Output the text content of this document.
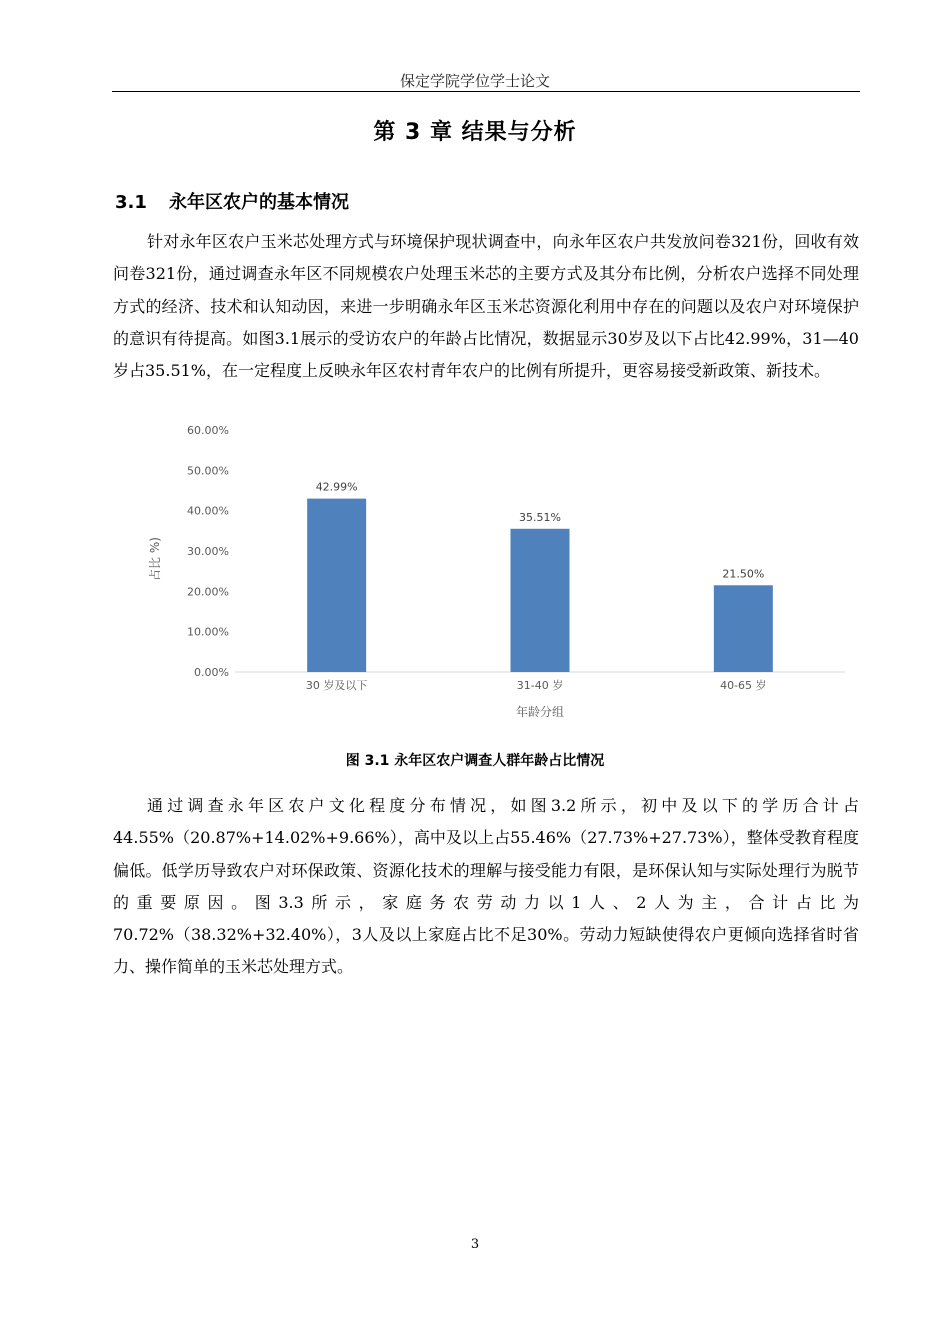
保定学院学位学士论文
第 3 章 结果与分析
3.1 永年区农户的基本情况

针对永年区农户玉米芯处理方式与环境保护现状调查中，向永年区农户共发放问卷321份，回收有效问卷321份，通过调查永年区不同规模农户处理玉米芯的主要方式及其分布比例，分析农户选择不同处理方式的经济、技术和认知动因，来进一步明确永年区玉米芯资源化利用中存在的问题以及农户对环境保护的意识有待提高。如图3.1展示的受访农户的年龄占比情况，数据显示30岁及以下占比42.99%，31—40岁占35.51%，在一定程度上反映永年区农村青年农户的比例有所提升，更容易接受新政策、新技术。

0.00%
10.00%
20.00%
30.00%
40.00%
50.00%
60.00%
42.99%
30 岁及以下
35.51%
31-40 岁
21.50%
40-65 岁
年龄分组
占比 %)
图 3.1 永年区农户调查人群年龄占比情况

通过调查永年区农户文化程度分布情况，如图3.2所示，初中及以下的学历合计占44.55%（20.87%+14.02%+9.66%），高中及以上占55.46%（27.73%+27.73%），整体受教育程度偏低。低学历导致农户对环保政策、资源化技术的理解与接受能力有限，是环保认知与实际处理行为脱节的重要原因。图3.3所示，家庭务农劳动力以1人、2人为主，合计占比为70.72%（38.32%+32.40%），3人及以上家庭占比不足30%。劳动力短缺使得农户更倾向选择省时省力、操作简单的玉米芯处理方式。

3
